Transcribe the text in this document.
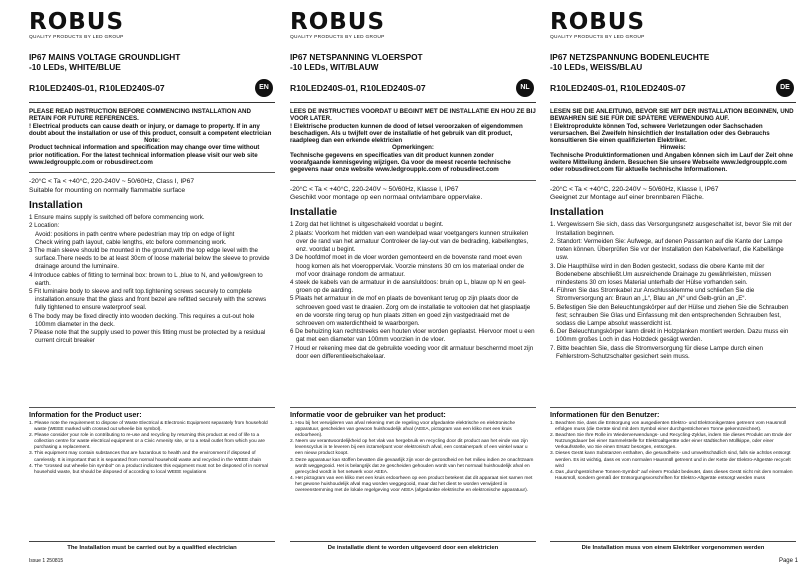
ROBUS
QUALITY PRODUCTS BY LED GROUP
IP67 MAINS VOLTAGE GROUNDLIGHT
-10 LEDs, WHITE/BLUE
R10LED240S-01, R10LED240S-07	EN
PLEASE READ INSTRUCTION BEFORE COMMENCING INSTALLATION AND RETAIN FOR FUTURE REFERENCES.
! Electrical products can cause death or injury, or damage to property. If in any doubt about the installation or use of this product, consult a competent electrician
Note:
Product technical information and specification may change over time without prior notification. For the latest technical information please visit our web site www.ledgroupplc.com or robusdirect.com
-20°C < Ta < +40°C, 220-240V ~ 50/60Hz, Class I, IP67
Suitable for mounting on normally flammable surface
Installation
1 Ensure mains supply is switched off before commencing work.
2 Location:
Avoid: positions in path centre where pedestrian may trip on edge of light
Check wiring path layout, cable lengths, etc before commencing work.
3 The main sleeve should be mounted in the ground,with the top edge level with the surface.There needs to be at least 30cm of loose material below the sleeve to provide drainage around the luminaire.
4 Introduce cables of fitting to terminal box: brown to L ,blue to N, and yellow/green to earth.
5 Fit luminaire body to sleeve and refit top.tightening screws securely to complete installation.ensure that the glass and front bezel are refitted securely with the screws fully tightened to ensure waterproof seal.
6 The body may be fixed directly into wooden decking. This requires a cut-out hole 100mm diameter in the deck.
7 Please note that the supply used to power this fitting must be protected by a residual current circuit breaker
ROBUS
QUALITY PRODUCTS BY LED GROUP
IP67 NETSPANNING VLOERSPOT
-10 LEDs, WIT/BLAUW
R10LED240S-01, R10LED240S-07	NL
LEES DE INSTRUCTIES VOORDAT U BEGINT MET DE INSTALLATIE EN HOU ZE BIJ VOOR LATER.
! Elektrische producten kunnen de dood of letsel veroorzaken of eigendommen beschadigen. Als u twijfelt over de installatie of het gebruik van dit product, raadpleeg dan een erkende elektricien
Opmerkingen:
Technische gegevens en specificaties van dit product kunnen zonder voorafgaande kennisgeving wijzigen. Ga voor de meest recente technische gegevens naar onze website www.ledgroupplc.com of robusdirect.com
-20°C < Ta < +40°C, 220-240V ~ 50/60Hz, Klasse I, IP67
Geschikt voor montage op een normaal ontvlambare oppervlake.
Installatie
1 Zorg dat het lichtnet is uitgeschakeld voordat u begint.
2 plaats: Voorkom het midden van een wandelpad waar voetgangers kunnen struikelen over de rand van het armatuur Controleer de lay-out van de bedrading, kabellengtes, enz. voordat u begint.
3 De hoofdmof moet in de vloer worden gemonteerd en de bovenste rand moet even hoog komen als het vloeroppervlak. Voorzie minstens 30 cm los materiaal onder de mof voor drainage rondom de armatuur.
4 steek de kabels van de armatuur in de aansluitdoos: bruin op L, blauw op N en geel-groen op de aarding.
5 Plaats het armatuur in de mof en plaats de bovenkant terug op zijn plaats door de schroeven goed vast te draaien. Zorg om de installatie te voltooien dat het glasplaatje en de voorste ring terug op hun plaats zitten en goed zijn vastgedraaid met de schroeven om waterdichtheid te waarborgen.
6 De behuizing kan rechtstreeks een houten vloer worden geplaatst. Hiervoor moet u een gat met een diameter van 100mm voorzien in de vloer.
7 Houd er rekening mee dat de gebruikte voeding voor dit armatuur beschermd moet zijn door een differentieelschakelaar.
ROBUS
QUALITY PRODUCTS BY LED GROUP
IP67 NETZSPANNUNG BODENLEUCHTE
-10 LEDs, WEISS/BLAU
R10LED240S-01, R10LED240S-07	DE
LESEN SIE DIE ANLEITUNG, BEVOR SIE MIT DER INSTALLATION BEGINNEN, UND BEWAHREN SIE SIE FÜR DIE SPÄTERE VERWENDUNG AUF.
! Elektroprodukte können Tod, schwere Verletzungen oder Sachschaden verursachen. Bei Zweifeln hinsichtlich der Installation oder des Gebrauchs konsultieren Sie einen qualifizierten Elektriker.
Hinweis:
Technische Produktinformationen und Angaben können sich im Lauf der Zeit ohne weitere Mitteilung ändern. Besuchen Sie unsere Webseite www.ledgroupplc.com oder robusdirect.com für aktuelle technische Informationen.
-20°C < Ta < +40°C, 220-240V ~ 50/60Hz, Klasse I, IP67
Geeignet zur Montage auf einer brennbaren Fläche.
Installation
1. Vergewissern Sie sich, dass das Versorgungsnetz ausgeschaltet ist, bevor Sie mit der Installation beginnen.
2. Standort: Vermeiden Sie: Aufwege, auf denen Passanten auf die Kante der Lampe treten können. Überprüfen Sie vor der Installation den Kabelverlauf, die Kabellänge usw.
3. Die Haupthülse wird in den Boden gesteckt, sodass die obere Kante mit der Bodenebene abschließt.Um ausreichende Drainage zu gewährleisten, müssen mindestens 30 cm loses Material unterhalb der Hülse vorhanden sein.
4. Führen Sie das Stromkabel zur Anschlussklemme und schließen Sie die Stromversorgung an: Braun an „L“, Blau an „N“ und Gelb-grün an „E“.
5. Befestigen Sie den Beleuchtungskörper auf der Hülse und ziehen Sie die Schrauben fest; schrauben Sie Glas und Einfassung mit den entsprechenden Schrauben fest, sodass die Lampe absolut wasserdicht ist.
6. Der Beleuchtungskörper kann direkt in Holzplanken montiert werden. Dazu muss ein 100mm großes Loch in das Holzdeck gesägt werden.
7. Bitte beachten Sie, dass die Stromversorgung für diese Lampe durch einen Fehlerstrom-Schutzschalter gesichert sein muss.
Information for the Product user:
1. Please note the requirement to dispose of Waste Electrical & Electronic Equipment separately from household waste (WEEE marked with crossed out wheelie bin symbol).
2. Please consider your role in contributing to re-use and recycling by returning this product at end of life to a collection centre for waste electrical equipment or a Civic Amenity site, or to a retail outlet from which you are purchasing a replacement.
3. This equipment may contain substances that are hazardous to health and the environment if disposed of carelessly. It is important that it is separated from normal household waste and recycled in the WEEE chain
4. The "crossed out wheelie bin symbol" on a product indicates this equipment must not be disposed of in normal household waste, but should be disposed of according to local WEEE regulations
Informatie voor de gebruiker van het product:
1. Hou bij het verwijderen van afval rekening met de regeling voor afgedankte elektrische en elektronische apparatuur, gescheiden van gewoon huishoudelijk afval (AEEA, pictogram van een kliko met een kruis erdoorheen).
2. Neem uw verantwoordelijkheid op het vlak van hergebruik en recycling door dit product aan het einde van zijn levenscyclus in te leveren bij een inzamelpunt voor elektronisch afval, een containerpark of een winkel waar u een nieuw product koopt.
3. Deze apparatuur kan stoffen bevatten die gevaarlijk zijn voor de gezondheid en het milieu indien ze onachtzaam wordt weggegooid. Het is belangrijk dat ze gescheiden gehouden wordt van het normaal huishoudelijk afval en gerecycled wordt in het netwerk voor AEEA.
4. Het pictogram van een kliko met een kruis erdoorheen op een product betekent dat dit apparaat niet samen met het gewone huishoudelijk afval mag worden weggegooid, maar dat het dient te worden verwijderd in overeenstemming met de lokale regelgeving voor AEEA (afgedankte elektrische en elektronische apparatuur).
Informationen für den Benutzer:
1. Beachten Sie, dass die Entsorgung von ausgedienten Elektro- und Elektronikgeräten getrennt vom Hausmüll erfolgen muss (die Geräte sind mit dem Symbol einer durchgestrichenen Tonne gekennzeichnet).
2. Beachten Sie Ihre Rolle im Wiederverwendungs- und Recycling-Zyklus, indem Sie dieses Produkt am Ende der Nutzungsdauer bei einer Sammelstelle für Elektroaltgeräte oder einer städtischen Müllkippe, oder einer Verkaufsstelle, wo Sie einen Ersatz besorgen, entsorgen.
3. Dieses Gerät kann Substanzen enthalten, die gesundheits- und umweltschädlich sind, falls sie achtlos entsorgt werden. Es ist wichtig, dass es vom normalen Hausmüll getrennt und in der Kette der Elektro-Altgeräte recycelt wird
4. Das „durchgestrichene Tonnen-Symbol“ auf einem Produkt bedeutet, dass dieses Gerät nicht mit dem normalen Hausmüll, sondern gemäß der Entsorgungsvorschriften für Elektro-Altgeräte entsorgt werden muss
The Installation must be carried out by a qualified electrician	De installatie dient te worden uitgevoerd door een elektricien	Die Installation muss von einem Elektriker vorgenommen werden
Issue 1 250815	Page 1
